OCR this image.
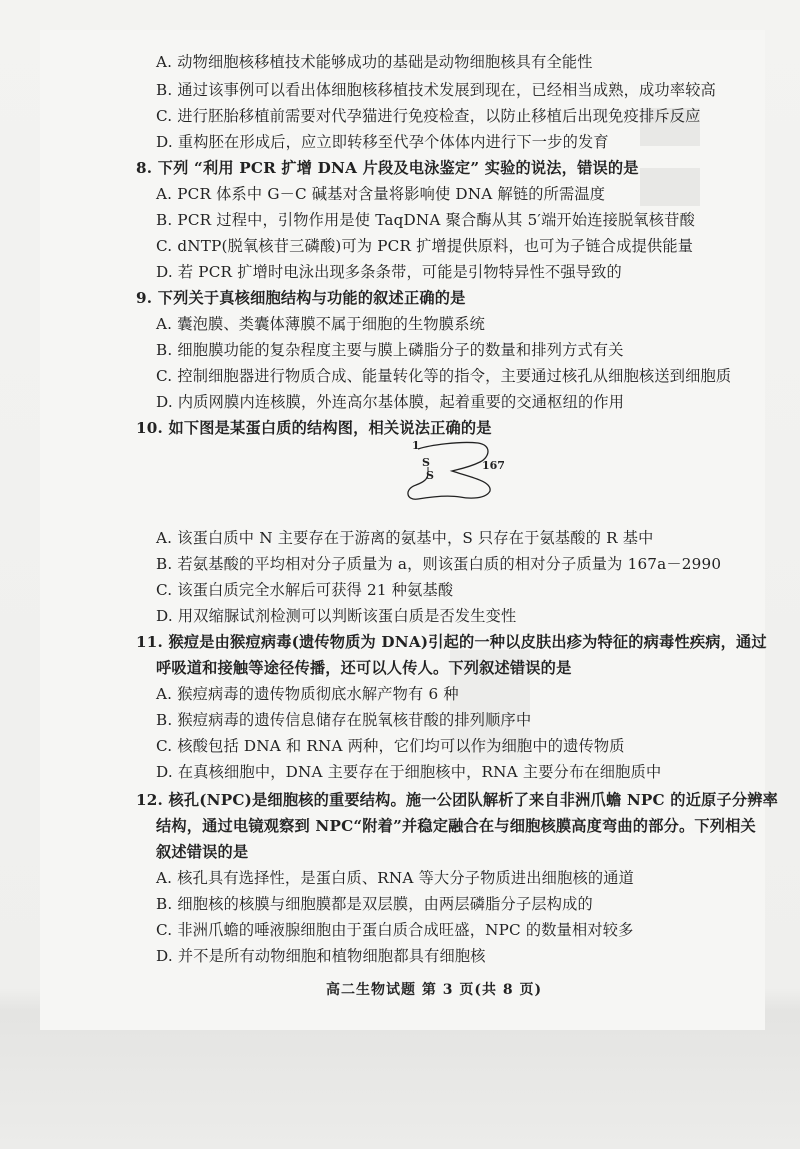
A. 动物细胞核移植技术能够成功的基础是动物细胞核具有全能性
B. 通过该事例可以看出体细胞核移植技术发展到现在，已经相当成熟，成功率较高
C. 进行胚胎移植前需要对代孕猫进行免疫检查，以防止移植后出现免疫排斥反应
D. 重构胚在形成后，应立即转移至代孕个体体内进行下一步的发育
8. 下列 “利用 PCR 扩增 DNA 片段及电泳鉴定” 实验的说法，错误的是
A. PCR 体系中 G－C 碱基对含量将影响使 DNA 解链的所需温度
B. PCR 过程中，引物作用是使 TaqDNA 聚合酶从其 5′端开始连接脱氧核苷酸
C. dNTP(脱氧核苷三磷酸)可为 PCR 扩增提供原料，也可为子链合成提供能量
D. 若 PCR 扩增时电泳出现多条条带，可能是引物特异性不强导致的
9. 下列关于真核细胞结构与功能的叙述正确的是
A. 囊泡膜、类囊体薄膜不属于细胞的生物膜系统
B. 细胞膜功能的复杂程度主要与膜上磷脂分子的数量和排列方式有关
C. 控制细胞器进行物质合成、能量转化等的指令，主要通过核孔从细胞核送到细胞质
D. 内质网膜内连核膜，外连高尔基体膜，起着重要的交通枢纽的作用
10. 如下图是某蛋白质的结构图，相关说法正确的是
1
S
S
167
A. 该蛋白质中 N 主要存在于游离的氨基中，S 只存在于氨基酸的 R 基中
B. 若氨基酸的平均相对分子质量为 a，则该蛋白质的相对分子质量为 167a－2990
C. 该蛋白质完全水解后可获得 21 种氨基酸
D. 用双缩脲试剂检测可以判断该蛋白质是否发生变性
11. 猴痘是由猴痘病毒(遗传物质为 DNA)引起的一种以皮肤出疹为特征的病毒性疾病，通过
呼吸道和接触等途径传播，还可以人传人。下列叙述错误的是
A. 猴痘病毒的遗传物质彻底水解产物有 6 种
B. 猴痘病毒的遗传信息储存在脱氧核苷酸的排列顺序中
C. 核酸包括 DNA 和 RNA 两种，它们均可以作为细胞中的遗传物质
D. 在真核细胞中，DNA 主要存在于细胞核中，RNA 主要分布在细胞质中
12. 核孔(NPC)是细胞核的重要结构。施一公团队解析了来自非洲爪蟾 NPC 的近原子分辨率
结构，通过电镜观察到 NPC“附着”并稳定融合在与细胞核膜高度弯曲的部分。下列相关
叙述错误的是
A. 核孔具有选择性，是蛋白质、RNA 等大分子物质进出细胞核的通道
B. 细胞核的核膜与细胞膜都是双层膜，由两层磷脂分子层构成的
C. 非洲爪蟾的唾液腺细胞由于蛋白质合成旺盛，NPC 的数量相对较多
D. 并不是所有动物细胞和植物细胞都具有细胞核
高二生物试题 第 3 页(共 8 页)
